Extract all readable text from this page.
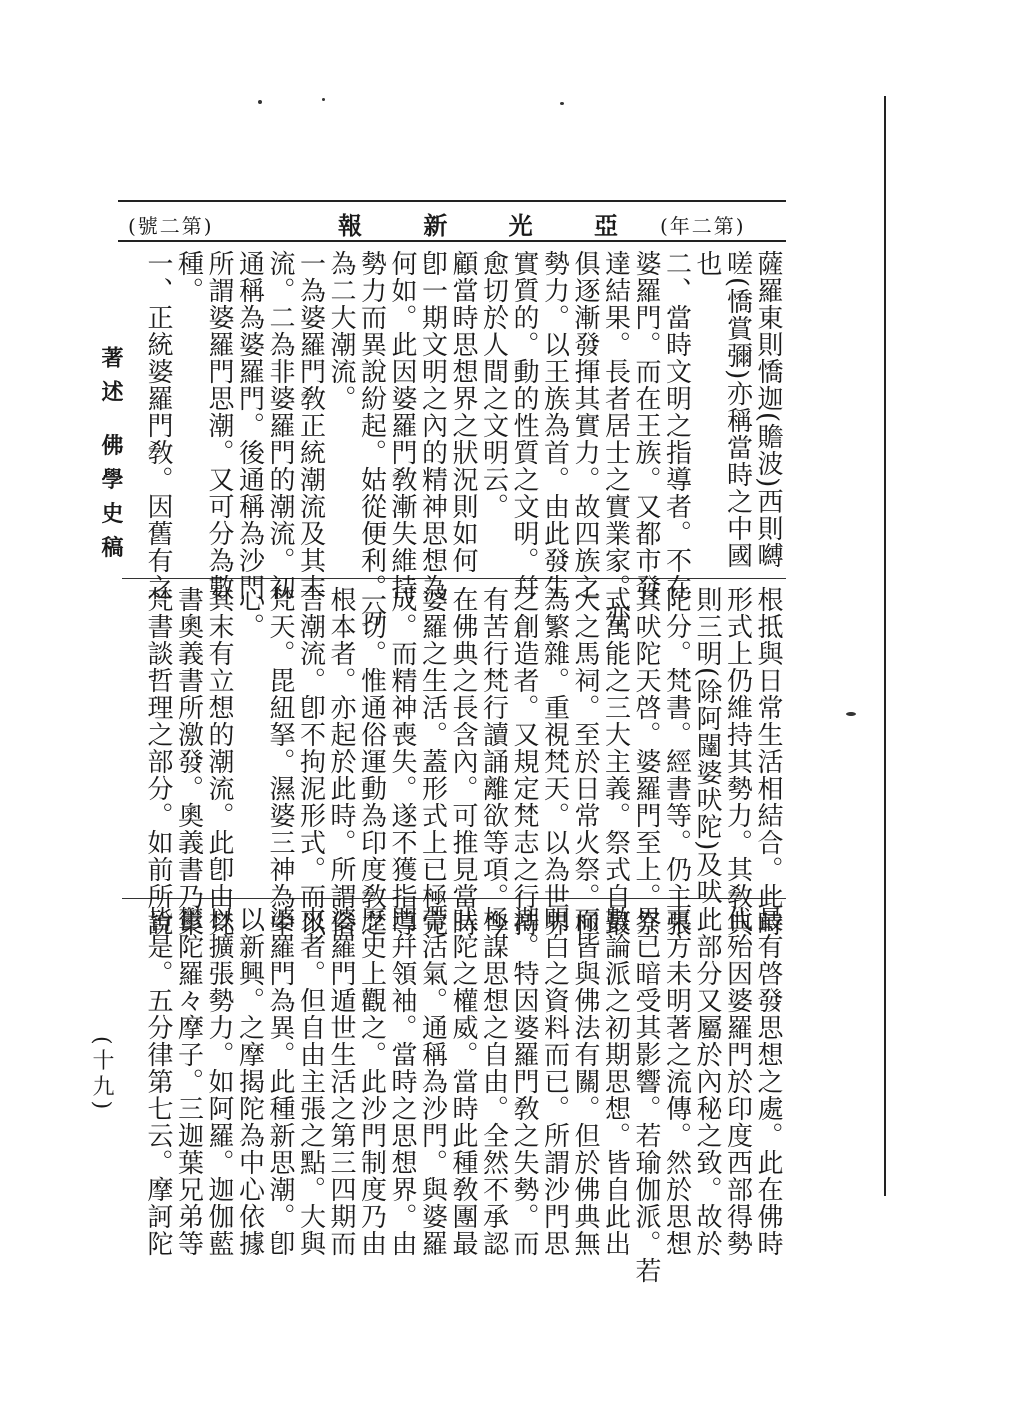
(號二第)	報	新	光	亞 (年二第)
著述 佛學史稿
(十九)
薩羅東則憍迦(贍波)西則嚩
嗟(憍賞彌)亦稱當時之中國
也
二、當時文明之指導者。不在
婆羅門。而在王族。又都市發
達結果。長者居士之實業家。亦
俱逐漸發揮其實力。故四族之
勢力。以王族為首。由此發生
實質的。動的性質之文明。幷
愈切於人間之文明云。
顧當時思想界之狀況則如何
卽一期文明之內的精神思想為
何如。此因婆羅門敎漸失維持
勢力而異說紛起。姑從便利。分
為二大潮流。
一為婆羅門敎正統潮流及其末
流。二為非婆羅門的潮流。初
通稱為婆羅門。後通稱為沙門
所謂婆羅門思潮。又可分為數
種。
一、正統婆羅門敎。因舊有之
根抵與日常生活相結合。此時
形式上仍維持其勢力。其敎典
則三明(除阿闥婆吠陀)及吠
陀分。梵書。經書等。仍主張
其吠陀天啓。婆羅門至上。祭
式萬能之三大主義。祭式自最
大之馬祠。至於日常火祭。極
為繁雜。重視梵天。以為世界
之創造者。又規定梵志之行持
有苦行梵行讀誦離欲等項。今
在佛典之長含內。可推見當時
婆羅之生活。蓋形式上已極完
成。而精神喪失。遂不獲指導
一切。惟通俗運動為印度敎之
根本者。亦起於此時。所謂俗
言潮流。卽不拘泥形式。而以
梵天。毘紐拏。濕婆三神為中
心。
其末有立想的潮流。此卽由梵
書奧義書所激發。奧義書乃集
梵書談哲理之部分。如前所說
最有啓發思想之處。此在佛時
代殆因婆羅門於印度西部得勢
此部分又屬於內秘之致。故於
東方未明著之流傳。然於思想
界已暗受其影響。若瑜伽派。若
數論派之初期思想。皆自此出
而皆與佛法有關。但於佛典無
明白之資料而已。所謂沙門思
潮。特因婆羅門敎之失勢。而
極謀思想之自由。全然不承認
吠陀之權威。當時此種敎團最
帶活氣。通稱為沙門。與婆羅
門幷領袖。當時之思想界。由
歷史上觀之。此沙門制度乃由
婆羅門遁世生活之第三四期而
來者。但自由主張之點。大與
婆羅門為異。此種新思潮。卽
以新興。之摩揭陀為中心依據
以擴張勢力。如阿羅。迦伽藍
鬱陀羅々摩子。三迦葉兄弟等
皆是。五分律第七云。摩訶陀
